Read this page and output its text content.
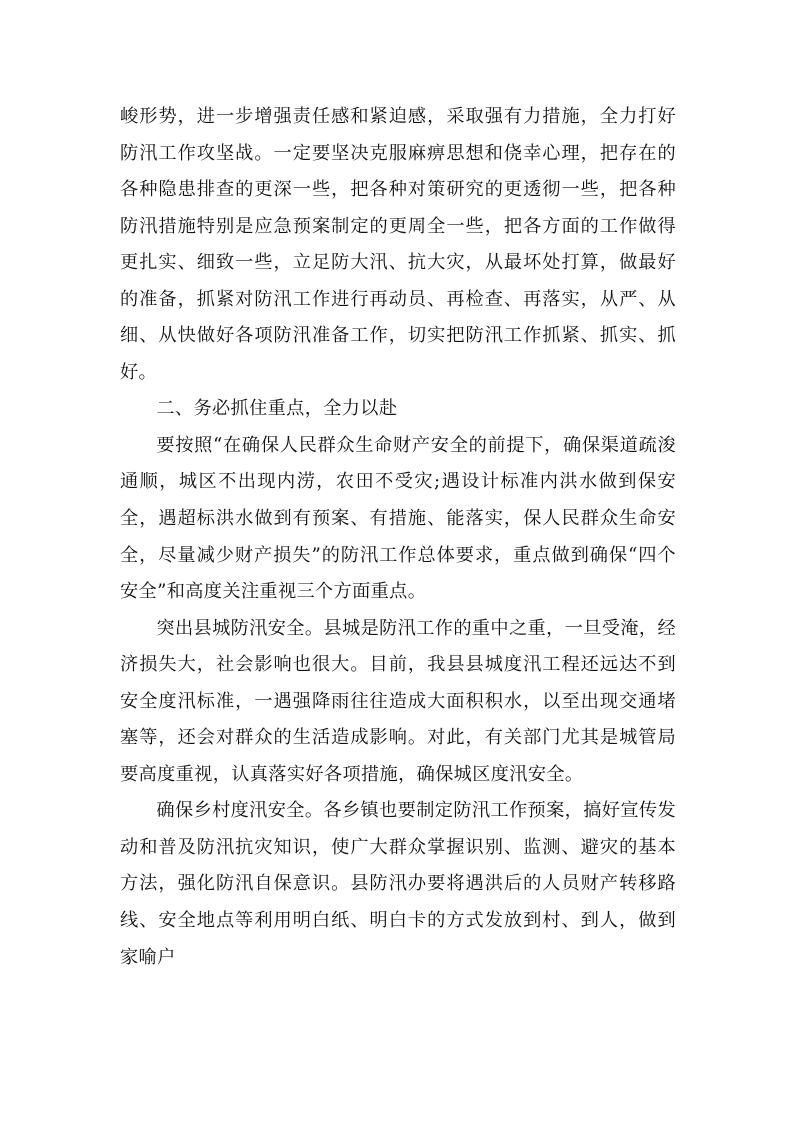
峻形势，进一步增强责任感和紧迫感，采取强有力措施，全力打好防汛工作攻坚战。一定要坚决克服麻痹思想和侥幸心理，把存在的各种隐患排查的更深一些，把各种对策研究的更透彻一些，把各种防汛措施特别是应急预案制定的更周全一些，把各方面的工作做得更扎实、细致一些，立足防大汛、抗大灾，从最坏处打算，做最好的准备，抓紧对防汛工作进行再动员、再检查、再落实，从严、从细、从快做好各项防汛准备工作，切实把防汛工作抓紧、抓实、抓好。

二、务必抓住重点，全力以赴

要按照“在确保人民群众生命财产安全的前提下，确保渠道疏浚通顺，城区不出现内涝，农田不受灾;遇设计标准内洪水做到保安全，遇超标洪水做到有预案、有措施、能落实，保人民群众生命安全，尽量减少财产损失”的防汛工作总体要求，重点做到确保“四个安全”和高度关注重视三个方面重点。

突出县城防汛安全。县城是防汛工作的重中之重，一旦受淹，经济损失大，社会影响也很大。目前，我县县城度汛工程还远达不到安全度汛标准，一遇强降雨往往造成大面积积水，以至出现交通堵塞等，还会对群众的生活造成影响。对此，有关部门尤其是城管局要高度重视，认真落实好各项措施，确保城区度汛安全。

确保乡村度汛安全。各乡镇也要制定防汛工作预案，搞好宣传发动和普及防汛抗灾知识，使广大群众掌握识别、监测、避灾的基本方法，强化防汛自保意识。县防汛办要将遇洪后的人员财产转移路线、安全地点等利用明白纸、明白卡的方式发放到村、到人，做到家喻户
